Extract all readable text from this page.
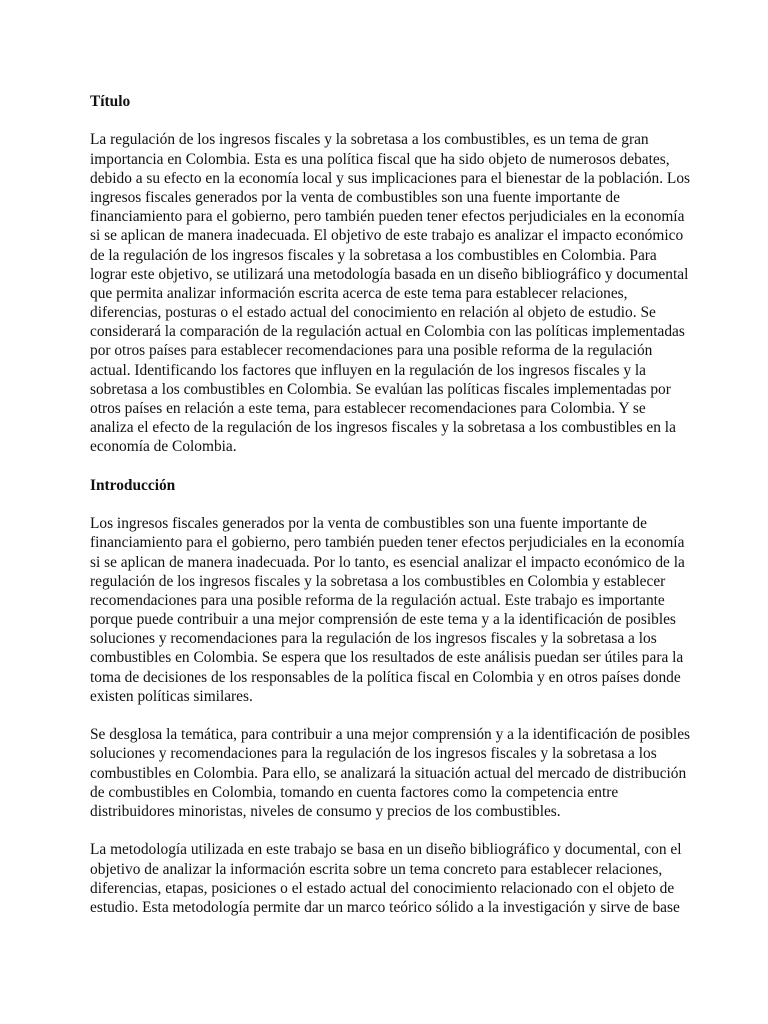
Título
La regulación de los ingresos fiscales y la sobretasa a los combustibles, es un tema de gran
importancia en Colombia. Esta es una política fiscal que ha sido objeto de numerosos debates,
debido a su efecto en la economía local y sus implicaciones para el bienestar de la población. Los
ingresos fiscales generados por la venta de combustibles son una fuente importante de
financiamiento para el gobierno, pero también pueden tener efectos perjudiciales en la economía
si se aplican de manera inadecuada. El objetivo de este trabajo es analizar el impacto económico
de la regulación de los ingresos fiscales y la sobretasa a los combustibles en Colombia. Para
lograr este objetivo, se utilizará una metodología basada en un diseño bibliográfico y documental
que permita analizar información escrita acerca de este tema para establecer relaciones,
diferencias, posturas o el estado actual del conocimiento en relación al objeto de estudio. Se
considerará la comparación de la regulación actual en Colombia con las políticas implementadas
por otros países para establecer recomendaciones para una posible reforma de la regulación
actual. Identificando los factores que influyen en la regulación de los ingresos fiscales y la
sobretasa a los combustibles en Colombia. Se evalúan las políticas fiscales implementadas por
otros países en relación a este tema, para establecer recomendaciones para Colombia. Y se
analiza el efecto de la regulación de los ingresos fiscales y la sobretasa a los combustibles en la
economía de Colombia.
Introducción
Los ingresos fiscales generados por la venta de combustibles son una fuente importante de
financiamiento para el gobierno, pero también pueden tener efectos perjudiciales en la economía
si se aplican de manera inadecuada. Por lo tanto, es esencial analizar el impacto económico de la
regulación de los ingresos fiscales y la sobretasa a los combustibles en Colombia y establecer
recomendaciones para una posible reforma de la regulación actual. Este trabajo es importante
porque puede contribuir a una mejor comprensión de este tema y a la identificación de posibles
soluciones y recomendaciones para la regulación de los ingresos fiscales y la sobretasa a los
combustibles en Colombia. Se espera que los resultados de este análisis puedan ser útiles para la
toma de decisiones de los responsables de la política fiscal en Colombia y en otros países donde
existen políticas similares.
Se desglosa la temática, para contribuir a una mejor comprensión y a la identificación de posibles
soluciones y recomendaciones para la regulación de los ingresos fiscales y la sobretasa a los
combustibles en Colombia. Para ello, se analizará la situación actual del mercado de distribución
de combustibles en Colombia, tomando en cuenta factores como la competencia entre
distribuidores minoristas, niveles de consumo y precios de los combustibles.
La metodología utilizada en este trabajo se basa en un diseño bibliográfico y documental, con el
objetivo de analizar la información escrita sobre un tema concreto para establecer relaciones,
diferencias, etapas, posiciones o el estado actual del conocimiento relacionado con el objeto de
estudio. Esta metodología permite dar un marco teórico sólido a la investigación y sirve de base
